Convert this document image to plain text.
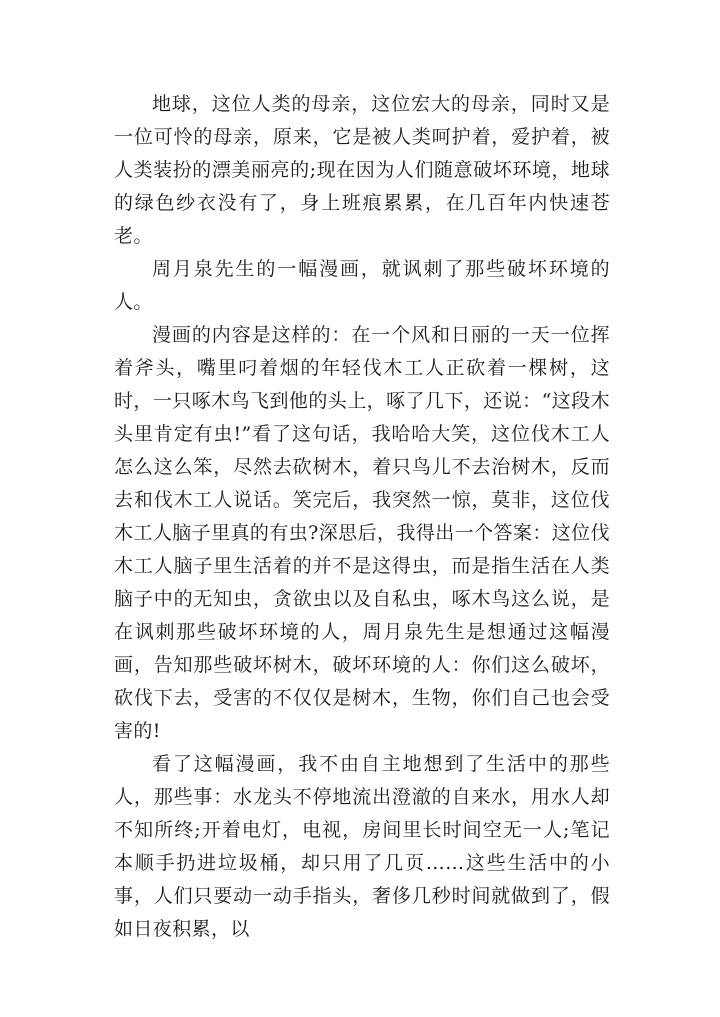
地球，这位人类的母亲，这位宏大的母亲，同时又是一位可怜的母亲，原来，它是被人类呵护着，爱护着，被人类装扮的漂美丽亮的;现在因为人们随意破坏环境，地球的绿色纱衣没有了，身上班痕累累，在几百年内快速苍老。

周月泉先生的一幅漫画，就讽刺了那些破坏环境的人。

漫画的内容是这样的：在一个风和日丽的一天一位挥着斧头，嘴里叼着烟的年轻伐木工人正砍着一棵树，这时，一只啄木鸟飞到他的头上，啄了几下，还说：“这段木头里肯定有虫!”看了这句话，我哈哈大笑，这位伐木工人怎么这么笨，尽然去砍树木，着只鸟儿不去治树木，反而去和伐木工人说话。笑完后，我突然一惊，莫非，这位伐木工人脑子里真的有虫?深思后，我得出一个答案：这位伐木工人脑子里生活着的并不是这得虫，而是指生活在人类脑子中的无知虫，贪欲虫以及自私虫，啄木鸟这么说，是在讽刺那些破坏环境的人，周月泉先生是想通过这幅漫画，告知那些破坏树木，破坏环境的人：你们这么破坏，砍伐下去，受害的不仅仅是树木，生物，你们自己也会受害的!

看了这幅漫画，我不由自主地想到了生活中的那些人，那些事：水龙头不停地流出澄澈的自来水，用水人却不知所终;开着电灯，电视，房间里长时间空无一人;笔记本顺手扔进垃圾桶，却只用了几页……这些生活中的小事，人们只要动一动手指头，奢侈几秒时间就做到了，假如日夜积累，以
